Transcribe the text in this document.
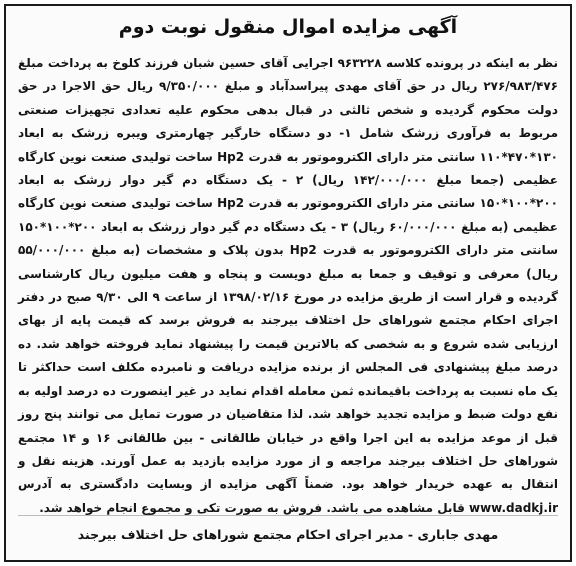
آگهی مزایده اموال منقول نوبت دوم
نظر به اینکه در پرونده کلاسه ۹۶۳۲۲۸ اجرایی آقای حسین شبان فرزند کلوخ به پرداخت مبلغ ۲۷۶/۹۸۳/۴۷۶ ریال در حق آقای مهدی پیراسدآباد و مبلغ ۹/۳۵۰/۰۰۰ ریال حق الاجرا در حق دولت محکوم گردیده و شخص ثالثی در قبال بدهی محکوم علیه تعدادی تجهیزات صنعتی مربوط به فرآوری زرشک شامل ۱- دو دستگاه خارگیر چهارمتری ویبره زرشک به ابعاد ۱۳۰*۴۷۰*۱۱۰ سانتی متر دارای الکتروموتور به قدرت Hp2 ساخت تولیدی صنعت نوین کارگاه عظیمی (جمعا مبلغ ۱۴۲/۰۰۰/۰۰۰ ریال) ۲ - یک دستگاه دم گیر دوار زرشک به ابعاد ۲۰۰*۱۰۰*۱۵۰ سانتی متر دارای الکتروموتور به قدرت Hp2 ساخت تولیدی صنعت نوین کارگاه عظیمی (به مبلغ ۶۰/۰۰۰/۰۰۰ ریال) ۳ - یک دستگاه دم گیر دوار زرشک به ابعاد ۲۰۰*۱۰۰*۱۵۰ سانتی متر دارای الکتروموتور به قدرت Hp2 بدون پلاک و مشخصات (به مبلغ ۵۵/۰۰۰/۰۰۰ ریال) معرفی و توقیف و جمعا به مبلغ دویست و پنجاه و هفت میلیون ریال کارشناسی گردیده و قرار است از طریق مزایده در مورخ ۱۳۹۸/۰۲/۱۶ از ساعت ۹ الی ۹/۳۰ صبح در دفتر اجرای احکام مجتمع شوراهای حل اختلاف بیرجند به فروش برسد که قیمت پایه از بهای ارزیابی شده شروع و به شخصی که بالاترین قیمت را پیشنهاد نماید فروخته خواهد شد. ده درصد مبلغ پیشنهادی فی المجلس از برنده مزایده دریافت و نامبرده مکلف است حداکثر تا یک ماه نسبت به پرداخت باقیمانده ثمن معامله اقدام نماید در غیر اینصورت ده درصد اولیه به نفع دولت ضبط و مزایده تجدید خواهد شد. لذا متقاضیان در صورت تمایل می توانند پنج روز قبل از موعد مزایده به این اجرا واقع در خیابان طالقانی - بین طالقانی ۱۶ و ۱۴ مجتمع شوراهای حل اختلاف بیرجند مراجعه و از مورد مزایده بازدید به عمل آورند. هزینه نقل و انتقال به عهده خریدار خواهد بود. ضمناً آگهی مزایده از وبسایت دادگستری به آدرس www.dadkj.ir قابل مشاهده می باشد. فروش به صورت تکی و مجموع انجام خواهد شد.
مهدی جاباری - مدیر اجرای احکام مجتمع شوراهای حل اختلاف بیرجند
